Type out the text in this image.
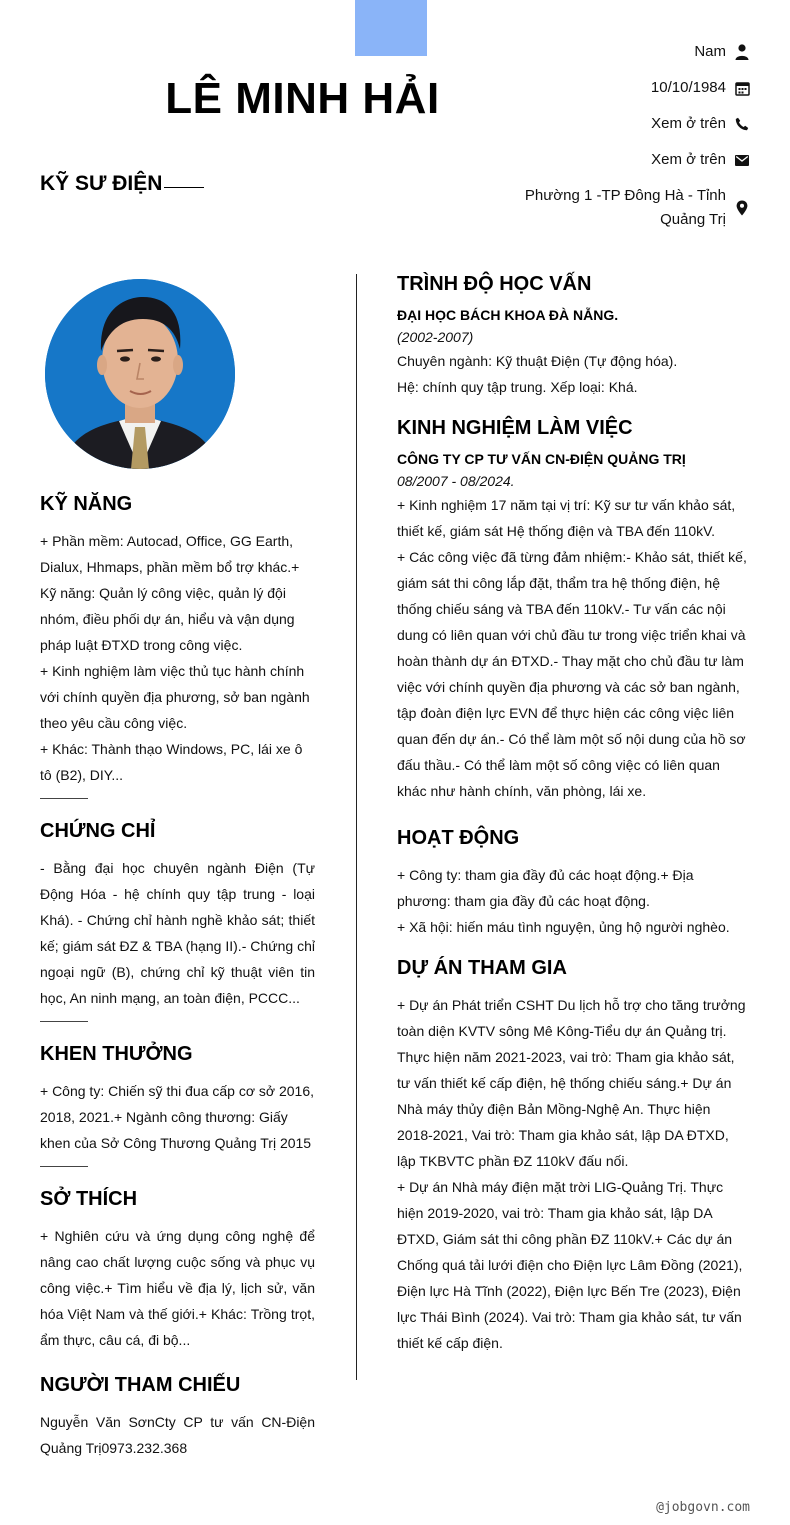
LÊ MINH HẢI
KỸ SƯ ĐIỆN
Nam
10/10/1984
Xem ở trên
Xem ở trên
Phường 1 -TP Đông Hà - Tỉnh Quảng Trị
KỸ NĂNG
+ Phần mềm: Autocad, Office, GG Earth, Dialux, Hhmaps, phần mềm bổ trợ khác.+ Kỹ năng: Quản lý công việc, quản lý đội nhóm, điều phối dự án, hiểu và vận dụng pháp luật ĐTXD trong công việc.
+ Kinh nghiệm làm việc thủ tục hành chính với chính quyền địa phương, sở ban ngành theo yêu cầu công việc.
+ Khác: Thành thạo Windows, PC, lái xe ô tô (B2), DIY...
CHỨNG CHỈ
- Bằng đại học chuyên ngành Điện (Tự Động Hóa - hệ chính quy tập trung - loại Khá). - Chứng chỉ hành nghề khảo sát; thiết kế; giám sát ĐZ & TBA (hạng II).- Chứng chỉ ngoại ngữ (B), chứng chỉ kỹ thuật viên tin học, An ninh mạng, an toàn điện, PCCC...
KHEN THƯỞNG
+ Công ty: Chiến sỹ thi đua cấp cơ sở 2016, 2018, 2021.+ Ngành công thương: Giấy khen của Sở Công Thương Quảng Trị 2015
SỞ THÍCH
+ Nghiên cứu và ứng dụng công nghệ để nâng cao chất lượng cuộc sống và phục vụ công việc.+ Tìm hiểu về địa lý, lịch sử, văn hóa Việt Nam và thế giới.+ Khác: Trồng trọt, ẩm thực, câu cá, đi bộ...
NGƯỜI THAM CHIẾU
Nguyễn Văn SơnCty CP tư vấn CN-Điện Quảng Trị0973.232.368
TRÌNH ĐỘ HỌC VẤN
ĐẠI HỌC BÁCH KHOA ĐÀ NẴNG.
(2002-2007)
Chuyên ngành: Kỹ thuật Điện (Tự động hóa).
Hệ: chính quy tập trung. Xếp loại: Khá.
KINH NGHIỆM LÀM VIỆC
CÔNG TY CP TƯ VẤN CN-ĐIỆN QUẢNG TRỊ
08/2007 - 08/2024.
+ Kinh nghiệm 17 năm tại vị trí: Kỹ sư tư vấn khảo sát, thiết kế, giám sát Hệ thống điện và TBA đến 110kV.
+ Các công việc đã từng đảm nhiệm:- Khảo sát, thiết kế, giám sát thi công lắp đặt, thẩm tra hệ thống điện, hệ thống chiếu sáng và TBA đến 110kV.- Tư vấn các nội dung có liên quan với chủ đầu tư trong việc triển khai và hoàn thành dự án ĐTXD.- Thay mặt cho chủ đầu tư làm việc với chính quyền địa phương và các sở ban ngành, tập đoàn điện lực EVN để thực hiện các công việc liên quan đến dự án.- Có thể làm một số nội dung của hồ sơ đấu thầu.- Có thể làm một số công việc có liên quan khác như hành chính, văn phòng, lái xe.
HOẠT ĐỘNG
+ Công ty: tham gia đầy đủ các hoạt động.+ Địa phương: tham gia đầy đủ các hoạt động.
+ Xã hội: hiến máu tình nguyện, ủng hộ người nghèo.
DỰ ÁN THAM GIA
+ Dự án Phát triển CSHT Du lịch hỗ trợ cho tăng trưởng toàn diện KVTV sông Mê Kông-Tiểu dự án Quảng trị. Thực hiện năm 2021-2023, vai trò: Tham gia khảo sát, tư vấn thiết kế cấp điện, hệ thống chiếu sáng.+ Dự án Nhà máy thủy điện Bản Mồng-Nghệ An. Thực hiện 2018-2021, Vai trò: Tham gia khảo sát, lập DA ĐTXD, lập TKBVTC phần ĐZ 110kV đấu nối.
+ Dự án Nhà máy điện mặt trời LIG-Quảng Trị. Thực hiện 2019-2020, vai trò: Tham gia khảo sát, lập DA ĐTXD, Giám sát thi công phần ĐZ 110kV.+ Các dự án Chống quá tải lưới điện cho Điện lực Lâm Đồng (2021), Điện lực Hà Tĩnh (2022), Điện lực Bến Tre (2023), Điện lực Thái Bình (2024). Vai trò: Tham gia khảo sát, tư vấn thiết kế cấp điện.
@jobgovn.com
